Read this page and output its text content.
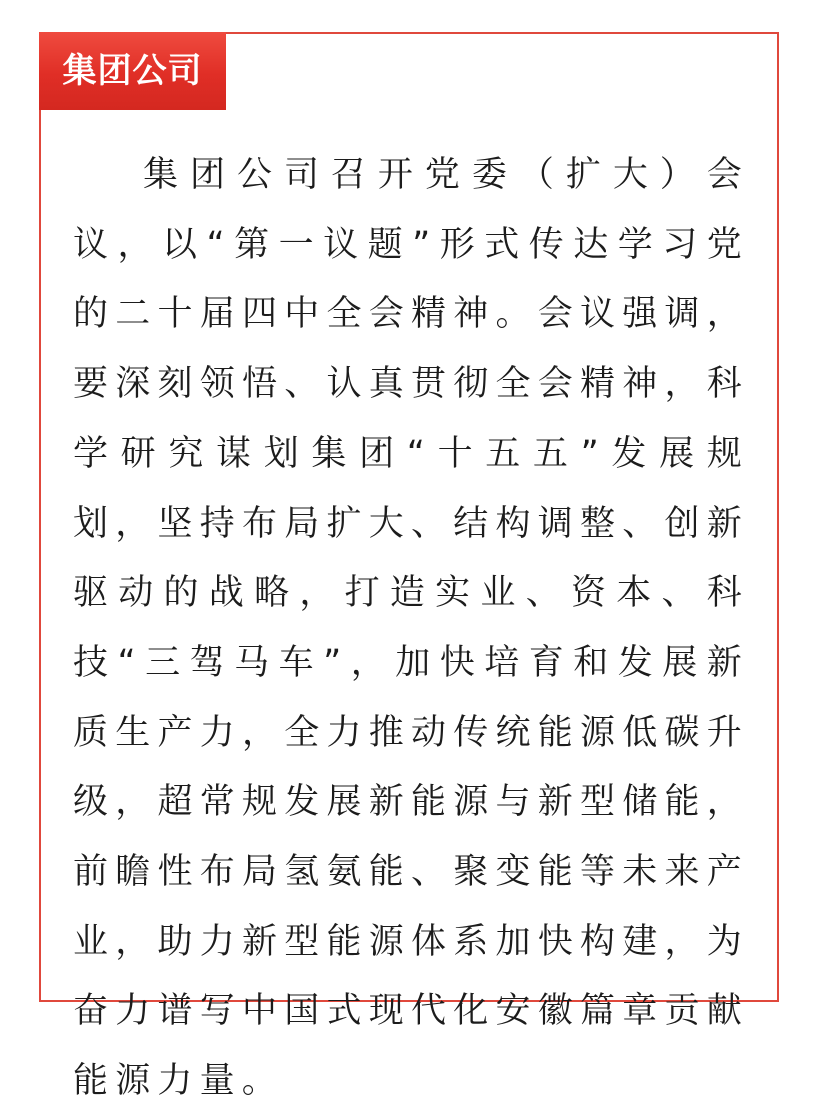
集团公司

集团公司召开党委（扩大）会议，以“第一议题”形式传达学习党的二十届四中全会精神。会议强调，要深刻领悟、认真贯彻全会精神，科学研究谋划集团“十五五”发展规划，坚持布局扩大、结构调整、创新驱动的战略，打造实业、资本、科技“三驾马车”，加快培育和发展新质生产力，全力推动传统能源低碳升级，超常规发展新能源与新型储能，前瞻性布局氢氨能、聚变能等未来产业，助力新型能源体系加快构建，为奋力谱写中国式现代化安徽篇章贡献能源力量。
